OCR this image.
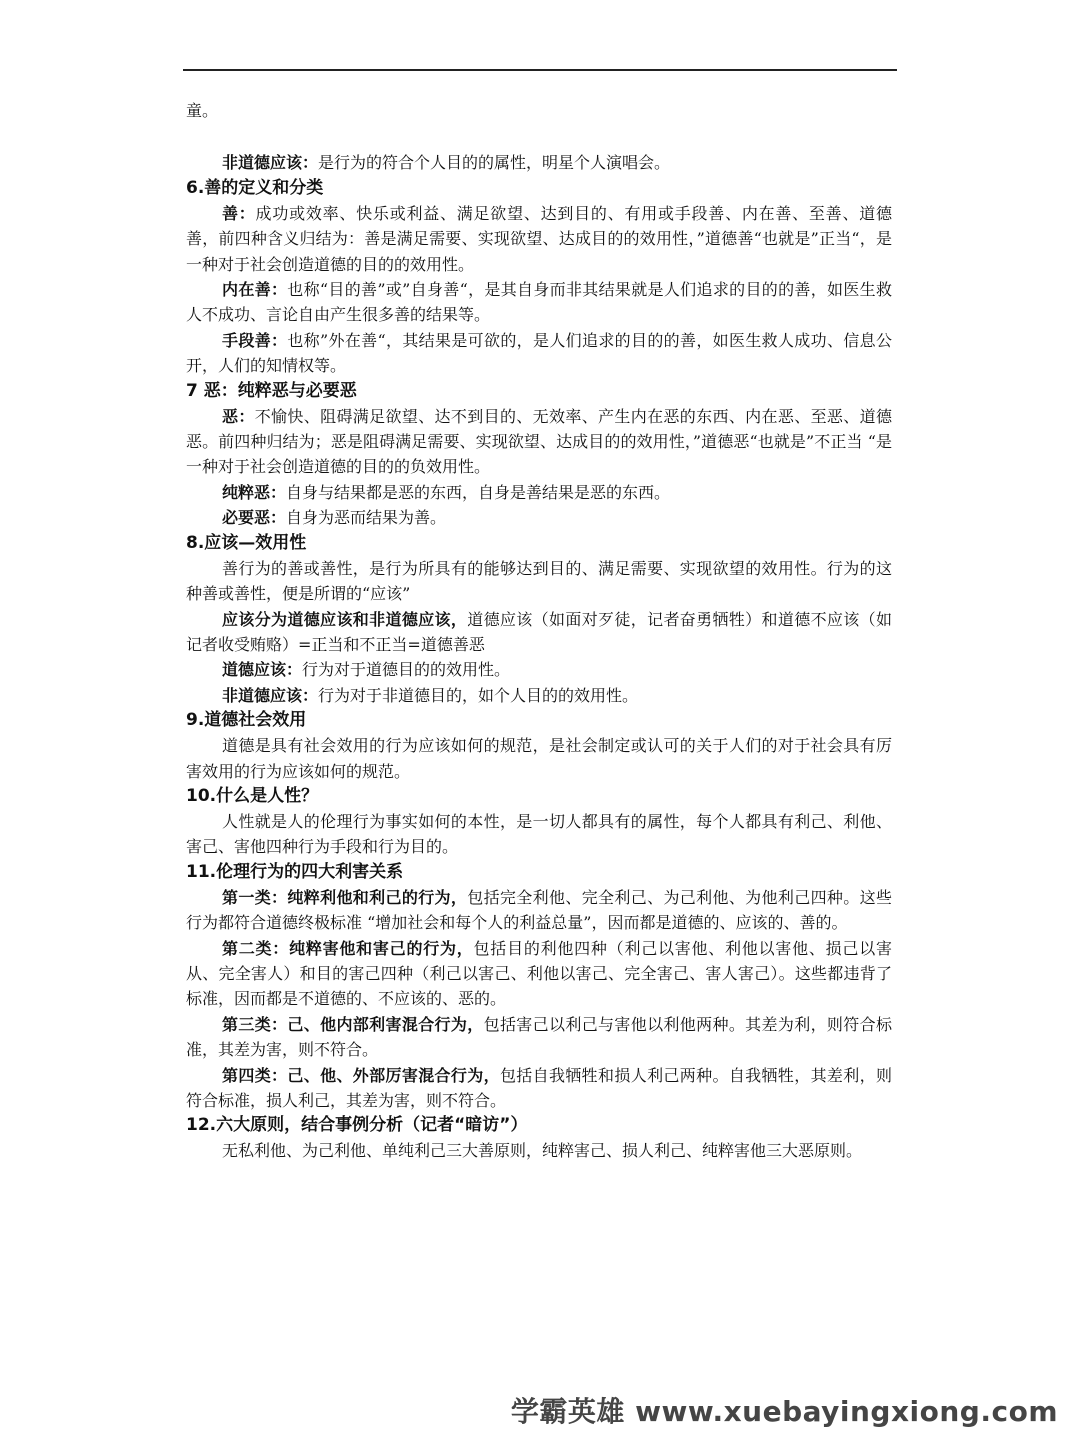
童。

非道德应该：是行为的符合个人目的的属性，明星个人演唱会。

6.善的定义和分类

善：成功或效率、快乐或利益、满足欲望、达到目的、有用或手段善、内在善、至善、道德善，前四种含义归结为：善是满足需要、实现欲望、达成目的的效用性，”道德善“也就是”正当“，是一种对于社会创造道德的目的的效用性。

内在善：也称“目的善”或”自身善“，是其自身而非其结果就是人们追求的目的的善，如医生救人不成功、言论自由产生很多善的结果等。

手段善：也称”外在善“，其结果是可欲的，是人们追求的目的的善，如医生救人成功、信息公开，人们的知情权等。

7 恶：纯粹恶与必要恶

恶：不愉快、阻碍满足欲望、达不到目的、无效率、产生内在恶的东西、内在恶、至恶、道德恶。前四种归结为；恶是阻碍满足需要、实现欲望、达成目的的效用性，”道德恶“也就是”不正当 “是一种对于社会创造道德的目的的负效用性。

纯粹恶：自身与结果都是恶的东西，自身是善结果是恶的东西。

必要恶：自身为恶而结果为善。

8.应该—效用性

善行为的善或善性，是行为所具有的能够达到目的、满足需要、实现欲望的效用性。行为的这种善或善性，便是所谓的“应该”

应该分为道德应该和非道德应该，道德应该（如面对歹徒，记者奋勇牺牲）和道德不应该（如记者收受贿赂）=正当和不正当=道德善恶

道德应该：行为对于道德目的的效用性。

非道德应该：行为对于非道德目的，如个人目的的效用性。

9.道德社会效用

道德是具有社会效用的行为应该如何的规范，是社会制定或认可的关于人们的对于社会具有厉害效用的行为应该如何的规范。

10.什么是人性？

人性就是人的伦理行为事实如何的本性，是一切人都具有的属性，每个人都具有利己、利他、害己、害他四种行为手段和行为目的。

11.伦理行为的四大利害关系

第一类：纯粹利他和利己的行为，包括完全利他、完全利己、为己利他、为他利己四种。这些行为都符合道德终极标准 “增加社会和每个人的利益总量”，因而都是道德的、应该的、善的。

第二类：纯粹害他和害己的行为，包括目的利他四种（利己以害他、利他以害他、损己以害从、完全害人）和目的害己四种（利己以害己、利他以害己、完全害己、害人害己）。这些都违背了标准，因而都是不道德的、不应该的、恶的。

第三类：己、他内部利害混合行为，包括害己以利己与害他以利他两种。其差为利，则符合标准，其差为害，则不符合。

第四类：己、他、外部厉害混合行为，包括自我牺牲和损人利己两种。自我牺牲，其差利，则符合标准，损人利己，其差为害，则不符合。

12.六大原则，结合事例分析（记者“暗访”）

无私利他、为己利他、单纯利己三大善原则，纯粹害己、损人利己、纯粹害他三大恶原则。

学霸英雄 www.xuebayingxiong.com
